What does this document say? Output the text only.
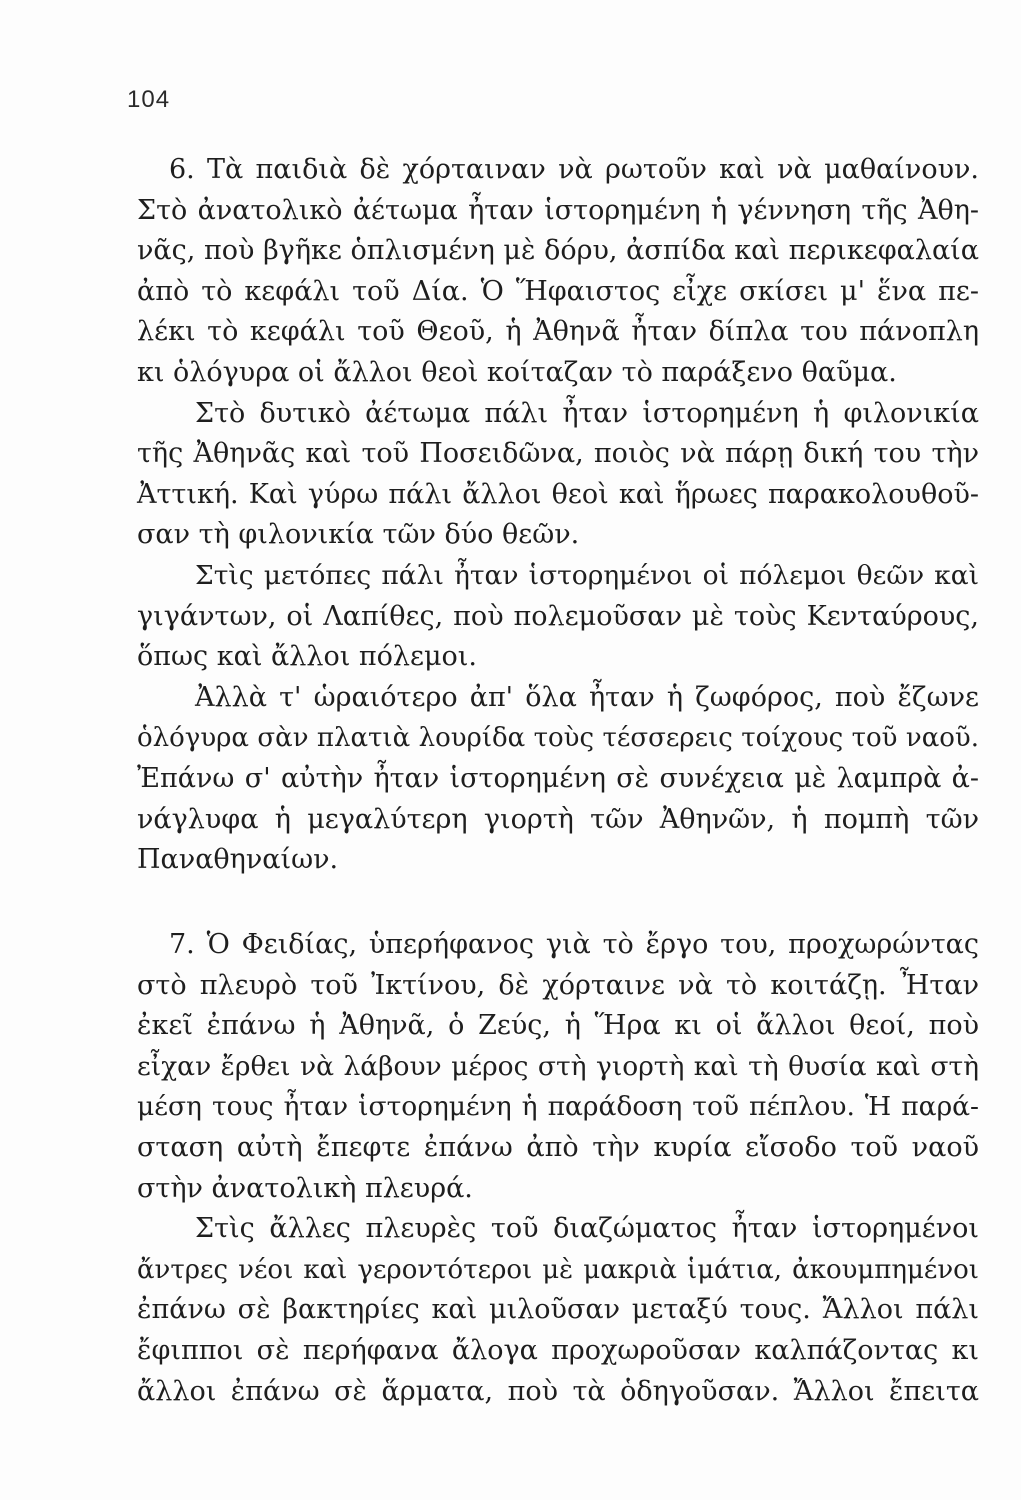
104
6. Τὰ παιδιὰ δὲ χόρταιναν νὰ ρωτοῦν καὶ νὰ μαθαίνουν.
Στὸ ἀνατολικὸ ἀέτωμα ἦταν ἱστορημένη ἡ γέννηση τῆς Ἀθη-
νᾶς, ποὺ βγῆκε ὁπλισμένη μὲ δόρυ, ἀσπίδα καὶ περικεφαλαία
ἀπὸ τὸ κεφάλι τοῦ Δία. Ὁ Ἥφαιστος εἶχε σκίσει μ' ἕνα πε-
λέκι τὸ κεφάλι τοῦ Θεοῦ, ἡ Ἀθηνᾶ ἦταν δίπλα του πάνοπλη
κι ὁλόγυρα οἱ ἄλλοι θεοὶ κοίταζαν τὸ παράξενο θαῦμα.
Στὸ δυτικὸ ἀέτωμα πάλι ἦταν ἱστορημένη ἡ φιλονικία
τῆς Ἀθηνᾶς καὶ τοῦ Ποσειδῶνα, ποιὸς νὰ πάρῃ δική του τὴν
Ἀττική. Καὶ γύρω πάλι ἄλλοι θεοὶ καὶ ἥρωες παρακολουθοῦ-
σαν τὴ φιλονικία τῶν δύο θεῶν.
Στὶς μετόπες πάλι ἦταν ἱστορημένοι οἱ πόλεμοι θεῶν καὶ
γιγάντων, οἱ Λαπίθες, ποὺ πολεμοῦσαν μὲ τοὺς Κενταύρους,
ὅπως καὶ ἄλλοι πόλεμοι.
Ἀλλὰ τ' ὡραιότερο ἀπ' ὅλα ἦταν ἡ ζωφόρος, ποὺ ἔζωνε
ὁλόγυρα σὰν πλατιὰ λουρίδα τοὺς τέσσερεις τοίχους τοῦ ναοῦ.
Ἐπάνω σ' αὐτὴν ἦταν ἱστορημένη σὲ συνέχεια μὲ λαμπρὰ ἀ-
νάγλυφα ἡ μεγαλύτερη γιορτὴ τῶν Ἀθηνῶν, ἡ πομπὴ τῶν
Παναθηναίων.
7. Ὁ Φειδίας, ὑπερήφανος γιὰ τὸ ἔργο του, προχωρώντας
στὸ πλευρὸ τοῦ Ἰκτίνου, δὲ χόρταινε νὰ τὸ κοιτάζῃ. Ἦταν
ἐκεῖ ἐπάνω ἡ Ἀθηνᾶ, ὁ Ζεύς, ἡ Ἥρα κι οἱ ἄλλοι θεοί, ποὺ
εἶχαν ἔρθει νὰ λάβουν μέρος στὴ γιορτὴ καὶ τὴ θυσία καὶ στὴ
μέση τους ἦταν ἱστορημένη ἡ παράδοση τοῦ πέπλου. Ἡ παρά-
σταση αὐτὴ ἔπεφτε ἐπάνω ἀπὸ τὴν κυρία εἴσοδο τοῦ ναοῦ
στὴν ἀνατολικὴ πλευρά.
Στὶς ἄλλες πλευρὲς τοῦ διαζώματος ἦταν ἱστορημένοι
ἄντρες νέοι καὶ γεροντότεροι μὲ μακριὰ ἱμάτια, ἀκουμπημένοι
ἐπάνω σὲ βακτηρίες καὶ μιλοῦσαν μεταξύ τους. Ἄλλοι πάλι
ἔφιπποι σὲ περήφανα ἄλογα προχωροῦσαν καλπάζοντας κι
ἄλλοι ἐπάνω σὲ ἅρματα, ποὺ τὰ ὁδηγοῦσαν. Ἄλλοι ἔπειτα
